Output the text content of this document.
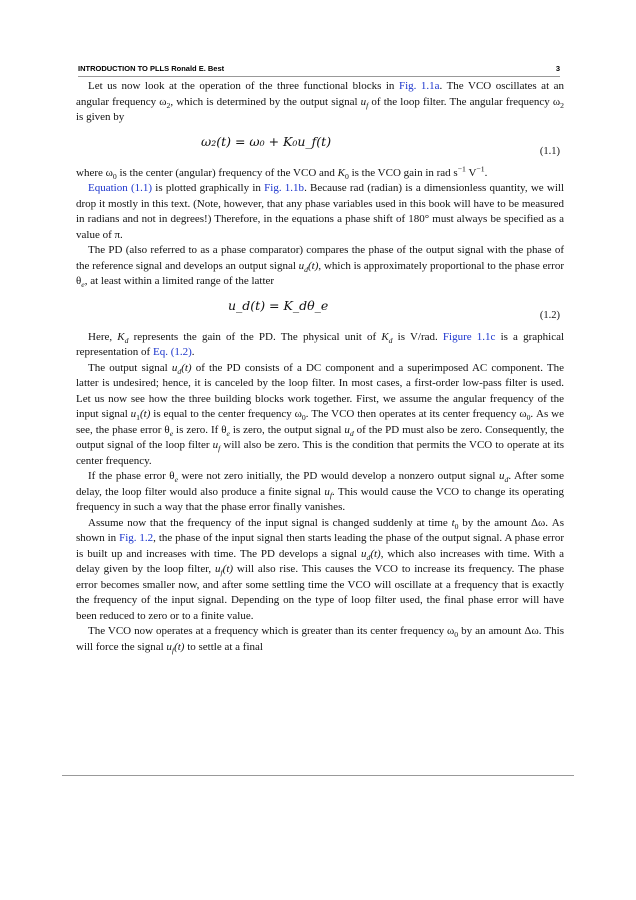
INTRODUCTION TO PLLS Ronald E. Best	3

Let us now look at the operation of the three functional blocks in Fig. 1.1a. The VCO oscillates at an angular frequency $\omega_2$, which is determined by the output signal $u_f$ of the loop filter. The angular frequency $\omega_2$ is given by

ω₂(t) = ω₀ + K₀u_f(t)
(1.1)

where $\omega_0$ is the center (angular) frequency of the VCO and $K_0$ is the VCO gain in rad $s^{-1}$ $V^{-1}$.

Equation (1.1) is plotted graphically in Fig. 1.1b. Because rad (radian) is a dimensionless quantity, we will drop it mostly in this text. (Note, however, that any phase variables used in this book will have to be measured in radians and not in degrees!) Therefore, in the equations a phase shift of 180° must always be specified as a value of π.

The PD (also referred to as a phase comparator) compares the phase of the output signal with the phase of the reference signal and develops an output signal $u_d(t)$, which is approximately proportional to the phase error $\theta_e$, at least within a limited range of the latter

u_d(t) = K_dθ_e
(1.2)

Here, $K_d$ represents the gain of the PD. The physical unit of $K_d$ is V/rad. Figure 1.1c is a graphical representation of Eq. (1.2).

The output signal $u_d(t)$ of the PD consists of a DC component and a superimposed AC component. The latter is undesired; hence, it is canceled by the loop filter. In most cases, a first-order low-pass filter is used. Let us now see how the three building blocks work together. First, we assume the angular frequency of the input signal $u_1(t)$ is equal to the center frequency $\omega_0$. The VCO then operates at its center frequency $\omega_0$. As we see, the phase error $\theta_e$ is zero. If $\theta_e$ is zero, the output signal $u_d$ of the PD must also be zero. Consequently, the output signal of the loop filter $u_f$ will also be zero. This is the condition that permits the VCO to operate at its center frequency.

If the phase error $\theta_e$ were not zero initially, the PD would develop a nonzero output signal $u_d$. After some delay, the loop filter would also produce a finite signal $u_f$. This would cause the VCO to change its operating frequency in such a way that the phase error finally vanishes.

Assume now that the frequency of the input signal is changed suddenly at time $t_0$ by the amount Δω. As shown in Fig. 1.2, the phase of the input signal then starts leading the phase of the output signal. A phase error is built up and increases with time. The PD develops a signal $u_d(t)$, which also increases with time. With a delay given by the loop filter, $u_f(t)$ will also rise. This causes the VCO to increase its frequency. The phase error becomes smaller now, and after some settling time the VCO will oscillate at a frequency that is exactly the frequency of the input signal. Depending on the type of loop filter used, the final phase error will have been reduced to zero or to a finite value.

The VCO now operates at a frequency which is greater than its center frequency $\omega_0$ by an amount Δω. This will force the signal $u_f(t)$ to settle at a final
